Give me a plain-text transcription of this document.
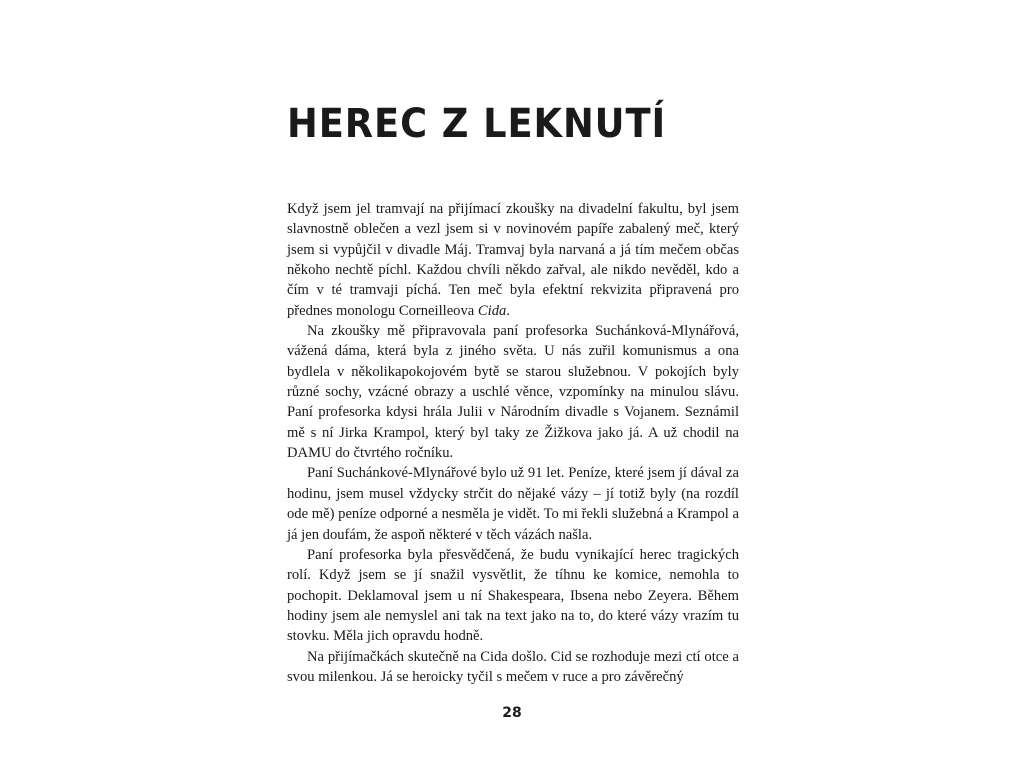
HEREC Z LEKNUTÍ

Když jsem jel tramvají na přijímací zkoušky na divadelní fakultu, byl jsem slavnostně oblečen a vezl jsem si v novinovém papíře zabalený meč, který jsem si vypůjčil v divadle Máj. Tramvaj byla narvaná a já tím mečem občas někoho nechtě píchl. Každou chvíli někdo zařval, ale nikdo nevěděl, kdo a čím v té tramvaji píchá. Ten meč byla efektní rekvizita připravená pro přednes monologu Corneilleova Cida.

Na zkoušky mě připravovala paní profesorka Suchánková-Mlynářová, vážená dáma, která byla z jiného světa. U nás zuřil komunismus a ona bydlela v několikapokojovém bytě se starou služebnou. V pokojích byly různé sochy, vzácné obrazy a uschlé věnce, vzpomínky na minulou slávu. Paní profesorka kdysi hrála Julii v Národním divadle s Vojanem. Seznámil mě s ní Jirka Krampol, který byl taky ze Žižkova jako já. A už chodil na DAMU do čtvrtého ročníku.

Paní Suchánkové-Mlynářové bylo už 91 let. Peníze, které jsem jí dával za hodinu, jsem musel vždycky strčit do nějaké vázy – jí totiž byly (na rozdíl ode mě) peníze odporné a nesměla je vidět. To mi řekli služebná a Krampol a já jen doufám, že aspoň některé v těch vázách našla.

Paní profesorka byla přesvědčená, že budu vynikající herec tragických rolí. Když jsem se jí snažil vysvětlit, že tíhnu ke komice, nemohla to pochopit. Deklamoval jsem u ní Shakespeara, Ibsena nebo Zeyera. Během hodiny jsem ale nemyslel ani tak na text jako na to, do které vázy vrazím tu stovku. Měla jich opravdu hodně.

Na přijímačkách skutečně na Cida došlo. Cid se rozhoduje mezi ctí otce a svou milenkou. Já se heroicky tyčil s mečem v ruce a pro závěrečný

28
